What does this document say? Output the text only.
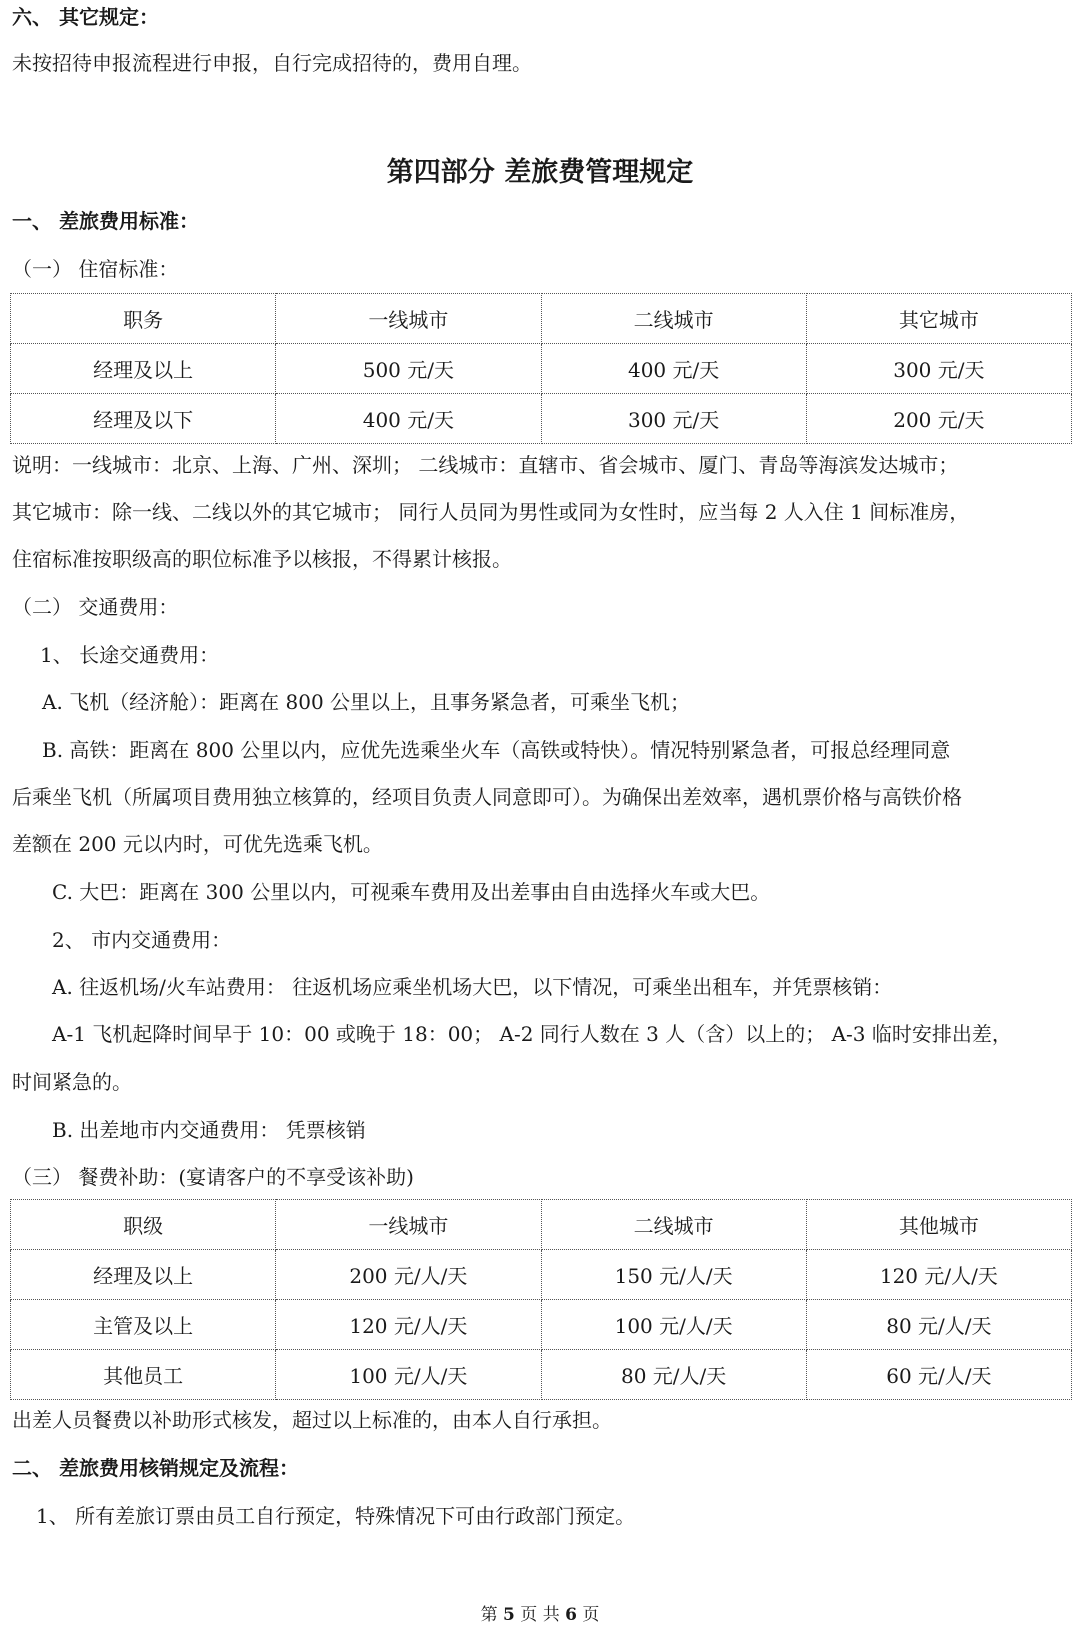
六、 其它规定：
未按招待申报流程进行申报，自行完成招待的，费用自理。
第四部分 差旅费管理规定
一、 差旅费用标准：
（一） 住宿标准：
职务	一线城市	二线城市	其它城市
经理及以上	500 元/天	400 元/天	300 元/天
经理及以下	400 元/天	300 元/天	200 元/天
说明：一线城市：北京、上海、广州、深圳； 二线城市：直辖市、省会城市、厦门、青岛等海滨发达城市；
其它城市：除一线、二线以外的其它城市； 同行人员同为男性或同为女性时，应当每 2 人入住 1 间标准房，
住宿标准按职级高的职位标准予以核报，不得累计核报。
（二） 交通费用：
1、 长途交通费用：
A. 飞机（经济舱）：距离在 800 公里以上，且事务紧急者，可乘坐飞机；
B. 高铁：距离在 800 公里以内，应优先选乘坐火车（高铁或特快）。情况特别紧急者，可报总经理同意
后乘坐飞机（所属项目费用独立核算的，经项目负责人同意即可）。为确保出差效率，遇机票价格与高铁价格
差额在 200 元以内时，可优先选乘飞机。
C. 大巴：距离在 300 公里以内，可视乘车费用及出差事由自由选择火车或大巴。
2、 市内交通费用：
A. 往返机场/火车站费用： 往返机场应乘坐机场大巴，以下情况，可乘坐出租车，并凭票核销：
A-1 飞机起降时间早于 10：00 或晚于 18：00； A-2 同行人数在 3 人（含）以上的； A-3 临时安排出差，
时间紧急的。
B. 出差地市内交通费用： 凭票核销
（三） 餐费补助：(宴请客户的不享受该补助)
职级	一线城市	二线城市	其他城市
经理及以上	200 元/人/天	150 元/人/天	120 元/人/天
主管及以上	120 元/人/天	100 元/人/天	80 元/人/天
其他员工	100 元/人/天	80 元/人/天	60 元/人/天
出差人员餐费以补助形式核发，超过以上标准的，由本人自行承担。
二、 差旅费用核销规定及流程：
1、 所有差旅订票由员工自行预定，特殊情况下可由行政部门预定。
第 5 页 共 6 页
